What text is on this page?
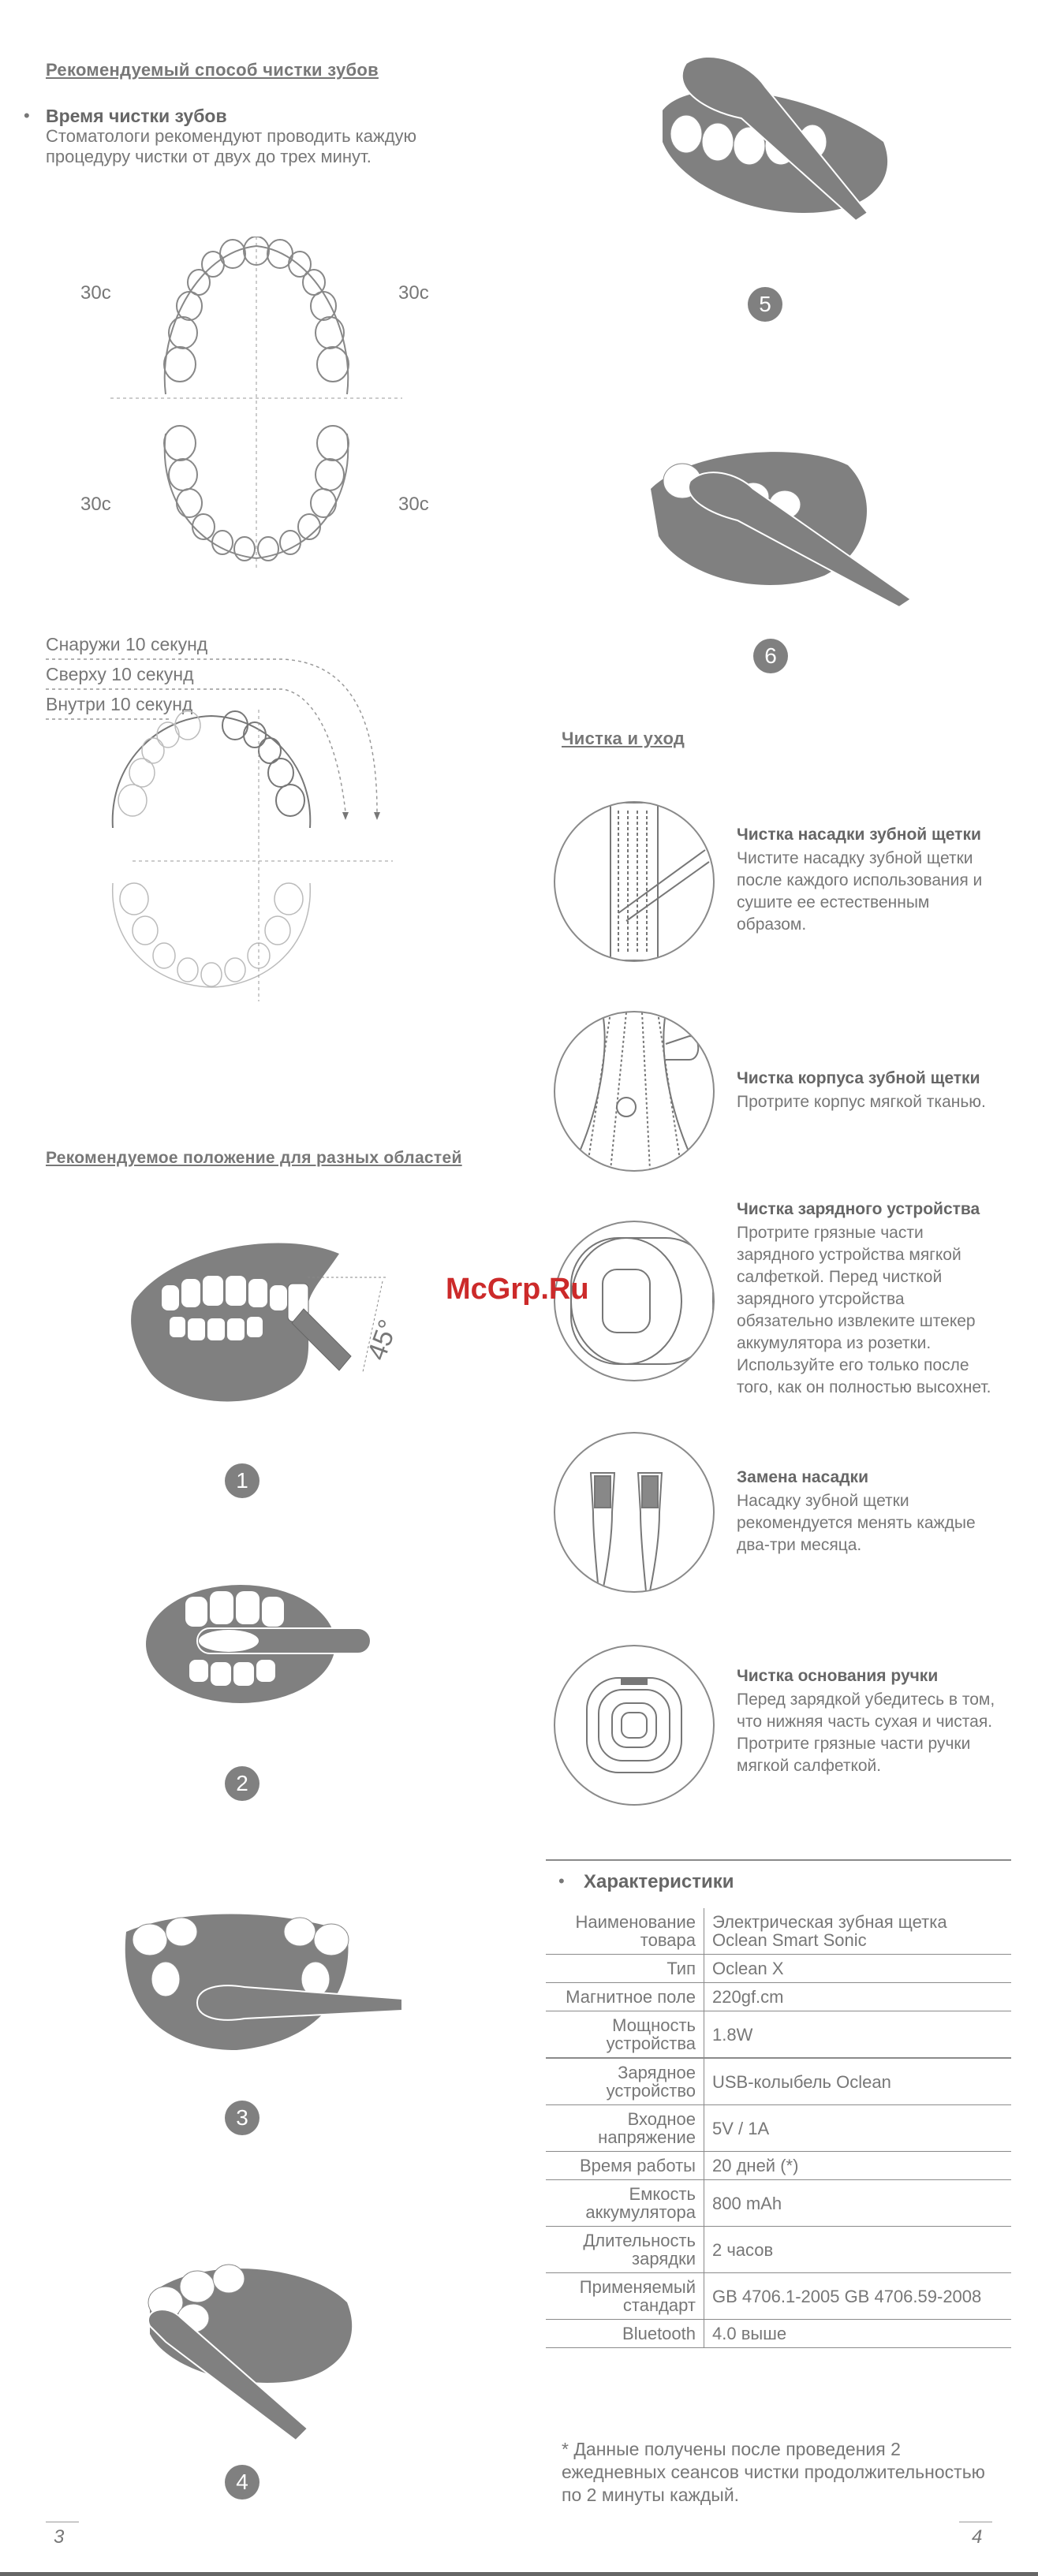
Рекомендуемый способ чистки зубов
• Время чистки зубов
Стоматологи рекомендуют проводить каждую процедуру чистки от двух до трех минут.
30с	30с
30с	30с
Снаружи 10 секунд
Сверху 10 секунд
Внутри 10 секунд
Рекомендуемое положение для разных областей
45°
1
2
3
4
5
6
Чистка и уход
Чистка насадки зубной щетки
Чистите насадку зубной щетки после каждого использования и сушите ее естественным образом.
Чистка корпуса зубной щетки
Протрите корпус мягкой тканью.
Чистка зарядного устройства
Протрите грязные части зарядного устройства мягкой салфеткой. Перед чисткой зарядного утсройства обязательно извлеките штекер аккумулятора из розетки. Используйте его только после того, как он полностью высохнет.
Замена насадки
Насадку зубной щетки рекомендуется менять каждые два-три месяца.
Чистка основания ручки
Перед зарядкой убедитесь в том, что нижняя часть сухая и чистая. Протрите грязные части ручки мягкой салфеткой.
• Характеристики
Наименование товара	Электрическая зубная щетка Oclean Smart Sonic
Тип	Oclean X
Магнитное поле	220gf.cm
Мощность устройства	1.8W
Зарядное устройство	USB-колыбель Oclean
Входное напряжение	5V / 1A
Время работы	20 дней (*)
Емкость аккумулятора	800 mAh
Длительность зарядки	2 часов
Применяемый стандарт	GB 4706.1-2005 GB 4706.59-2008
Bluetooth	4.0 выше
* Данные получены после проведения 2 ежедневных сеансов чистки продолжительностью по 2 минуты каждый.
McGrp.Ru
3	4
